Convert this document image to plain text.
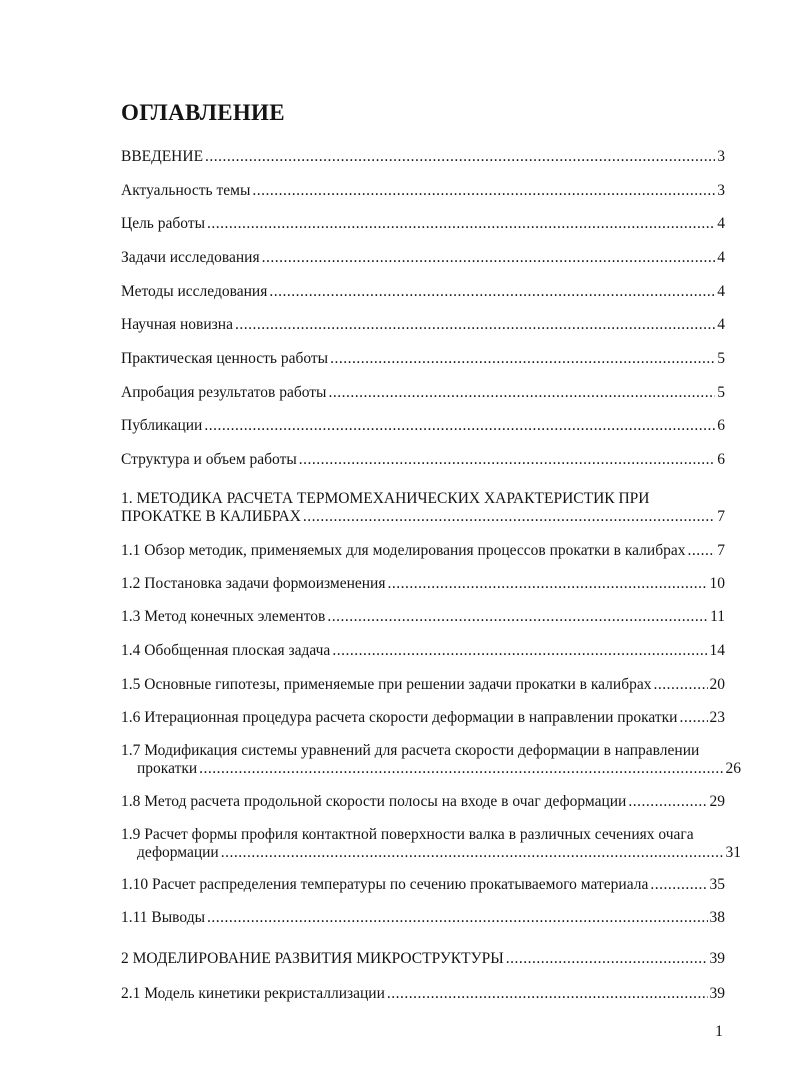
ОГЛАВЛЕНИЕ
ВВЕДЕНИЕ .....	3
Актуальность темы .....	3
Цель работы .....	4
Задачи исследования .....	4
Методы исследования .....	4
Научная новизна .....	4
Практическая ценность работы .....	5
Апробация результатов работы .....	5
Публикации .....	6
Структура и объем работы .....	6
1. МЕТОДИКА РАСЧЕТА ТЕРМОМЕХАНИЧЕСКИХ ХАРАКТЕРИСТИК ПРИ
ПРОКАТКЕ В КАЛИБРАХ .....	7
1.1 Обзор методик, применяемых для моделирования процессов прокатки в калибрах ..... 7
1.2 Постановка задачи формоизменения .....	10
1.3 Метод конечных элементов .....	11
1.4 Обобщенная плоская задача .....	14
1.5 Основные гипотезы, применяемые при решении задачи прокатки в калибрах .....	20
1.6 Итерационная процедура расчета скорости деформации в направлении прокатки ..... 23
1.7 Модификация системы уравнений для расчета скорости деформации в направлении
прокатки .....	26
1.8 Метод расчета продольной скорости полосы на входе в очаг деформации .....	29
1.9 Расчет формы профиля контактной поверхности валка в различных сечениях очага
деформации .....	31
1.10 Расчет распределения температуры по сечению прокатываемого материала .....	35
1.11 Выводы .....	38
2 МОДЕЛИРОВАНИЕ РАЗВИТИЯ МИКРОСТРУКТУРЫ .....	39
2.1 Модель кинетики рекристаллизации .....	39
1
